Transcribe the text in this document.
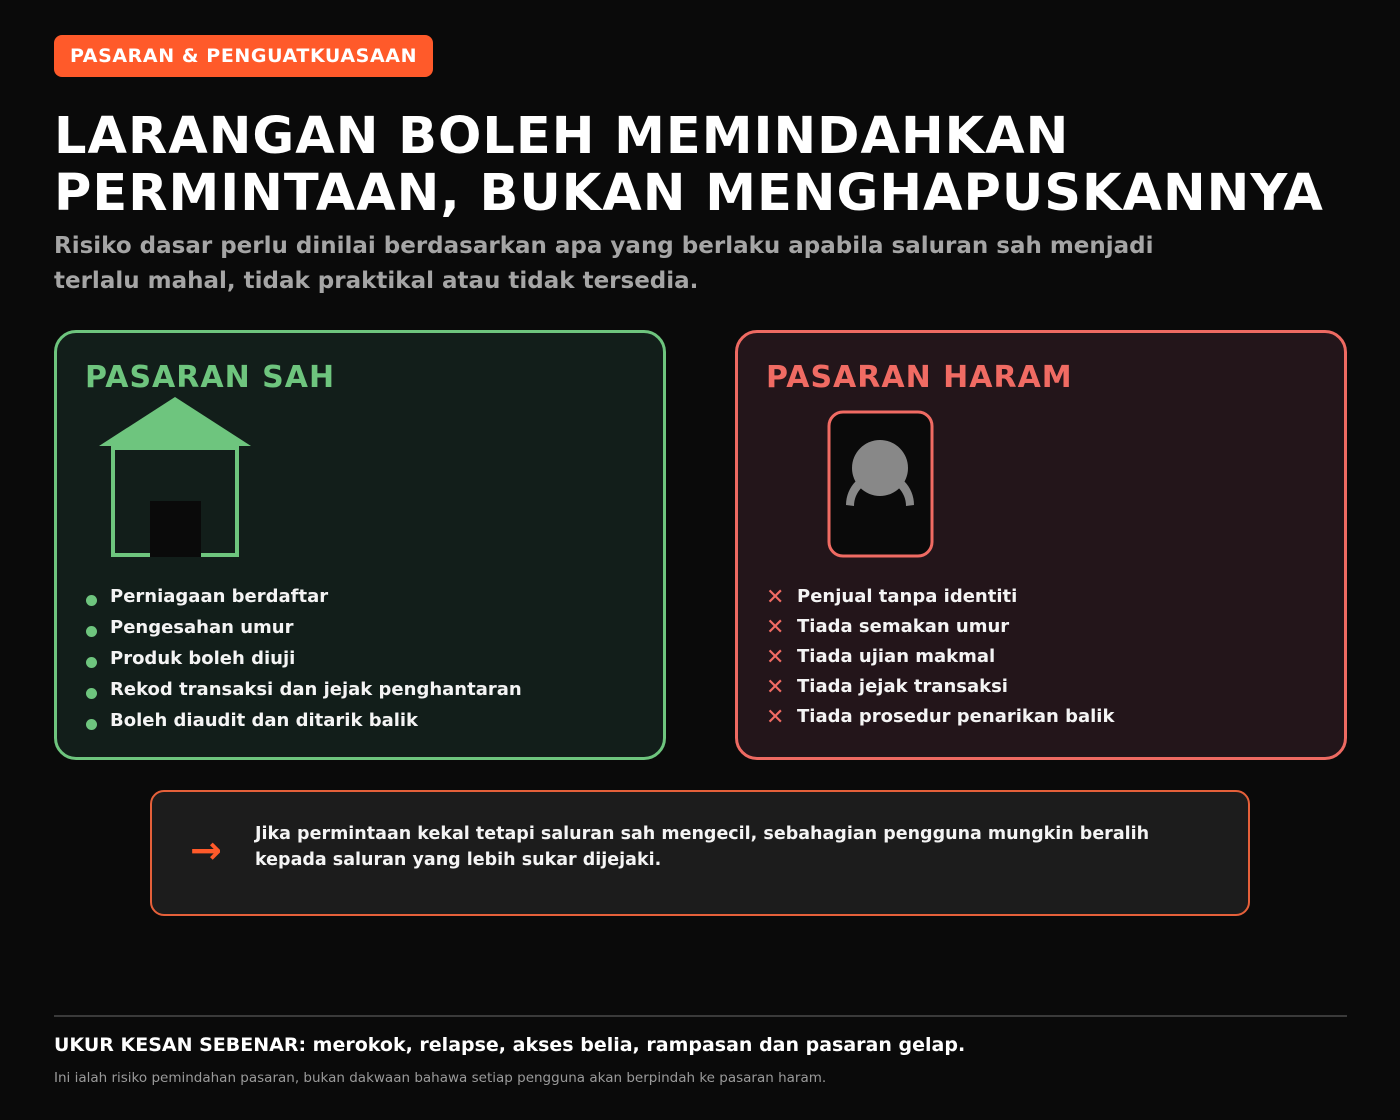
PASARAN & PENGUATKUASAAN
LARANGAN BOLEH MEMINDAHKAN
PERMINTAAN, BUKAN MENGHAPUSKANNYA

Risiko dasar perlu dinilai berdasarkan apa yang berlaku apabila saluran sah menjadi
terlalu mahal, tidak praktikal atau tidak tersedia.

PASARAN SAH
Perniagaan berdaftar
Pengesahan umur
Produk boleh diuji
Rekod transaksi dan jejak penghantaran
Boleh diaudit dan ditarik balik
PASARAN HARAM
✕ Penjual tanpa identiti
✕ Tiada semakan umur
✕ Tiada ujian makmal
✕ Tiada jejak transaksi
✕ Tiada prosedur penarikan balik
→ Jika permintaan kekal tetapi saluran sah mengecil, sebahagian pengguna mungkin beralih
kepada saluran yang lebih sukar dijejaki.
UKUR KESAN SEBENAR: merokok, relapse, akses belia, rampasan dan pasaran gelap.
Ini ialah risiko pemindahan pasaran, bukan dakwaan bahawa setiap pengguna akan berpindah ke pasaran haram.
